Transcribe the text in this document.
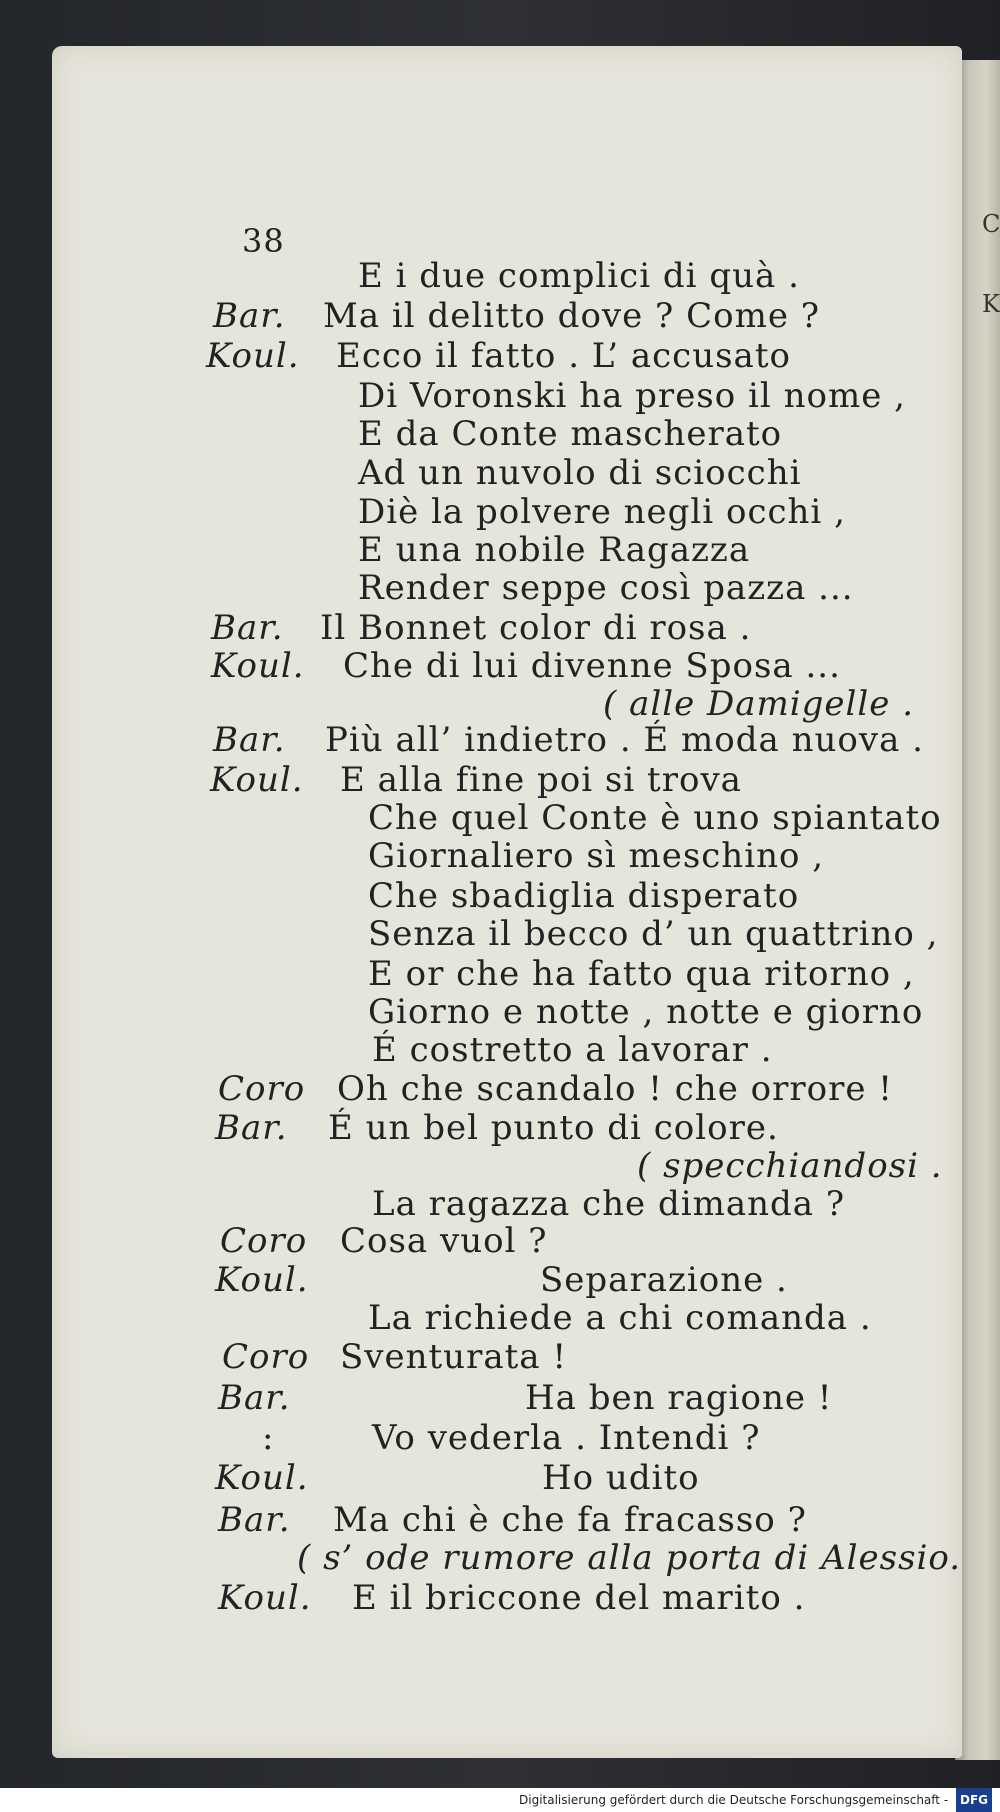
C
K
38
Bar.
Koul.
Bar.
Koul.
Bar.
Koul.
Coro
Bar.
Coro
Koul.
Coro
Bar.
:
Koul.
Bar.
Koul.
E i due complici di quà .
Ma il delitto dove ? Come ?
Ecco il fatto . L’ accusato
Di Voronski ha preso il nome ,
E da Conte mascherato
Ad un nuvolo di sciocchi
Diè la polvere negli occhi ,
E una nobile Ragazza
Render seppe così pazza ...
Il Bonnet color di rosa .
Che di lui divenne Sposa ...
( alle Damigelle .
Più all’ indietro . É moda nuova .
E alla fine poi si trova
Che quel Conte è uno spiantato
Giornaliero sì meschino ,
Che sbadiglia disperato
Senza il becco d’ un quattrino ,
E or che ha fatto qua ritorno ,
Giorno e notte , notte e giorno
É costretto a lavorar .
Oh che scandalo ! che orrore !
É un bel punto di colore.
( specchiandosi .
La ragazza che dimanda ?
Cosa vuol ?
Separazione .
La richiede a chi comanda .
Sventurata !
Ha ben ragione !
Vo vederla . Intendi ?
Ho udito
Ma chi è che fa fracasso ?
( s’ ode rumore alla porta di Alessio.
E il briccone del marito .
Digitalisierung gefördert durch die Deutsche Forschungsgemeinschaft - DFG
